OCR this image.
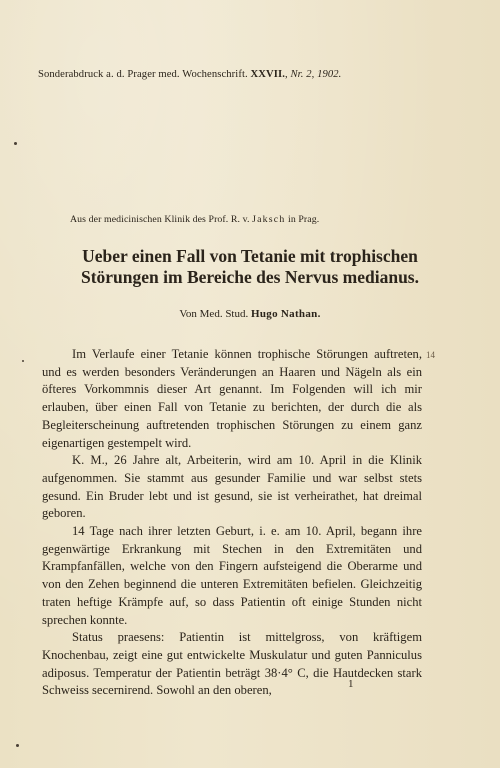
Sonderabdruck a. d. Prager med. Wochenschrift. XXVII., Nr. 2, 1902.
Aus der medicinischen Klinik des Prof. R. v. Jaksch in Prag.
Ueber einen Fall von Tetanie mit trophischen
Störungen im Bereiche des Nervus medianus.
Von Med. Stud. Hugo Nathan.
14

Im Verlaufe einer Tetanie können trophische Störungen auftreten, und es werden besonders Veränderungen an Haaren und Nägeln als ein öfteres Vorkommnis dieser Art genannt. Im Folgenden will ich mir erlauben, über einen Fall von Tetanie zu berichten, der durch die als Begleiterscheinung auftretenden trophischen Störungen zu einem ganz eigenartigen gestempelt wird.

K. M., 26 Jahre alt, Arbeiterin, wird am 10. April in die Klinik aufgenommen. Sie stammt aus gesunder Familie und war selbst stets gesund. Ein Bruder lebt und ist gesund, sie ist verheirathet, hat dreimal geboren.

14 Tage nach ihrer letzten Geburt, i. e. am 10. April, begann ihre gegenwärtige Erkrankung mit Stechen in den Extremitäten und Krampfanfällen, welche von den Fingern aufsteigend die Oberarme und von den Zehen beginnend die unteren Extremitäten befielen. Gleichzeitig traten heftige Krämpfe auf, so dass Patientin oft einige Stunden nicht sprechen konnte.

Status praesens: Patientin ist mittelgross, von kräftigem Knochenbau, zeigt eine gut entwickelte Muskulatur und guten Panniculus adiposus. Temperatur der Patientin beträgt 38·4° C, die Hautdecken stark Schweiss secernirend. Sowohl an den oberen,	1
